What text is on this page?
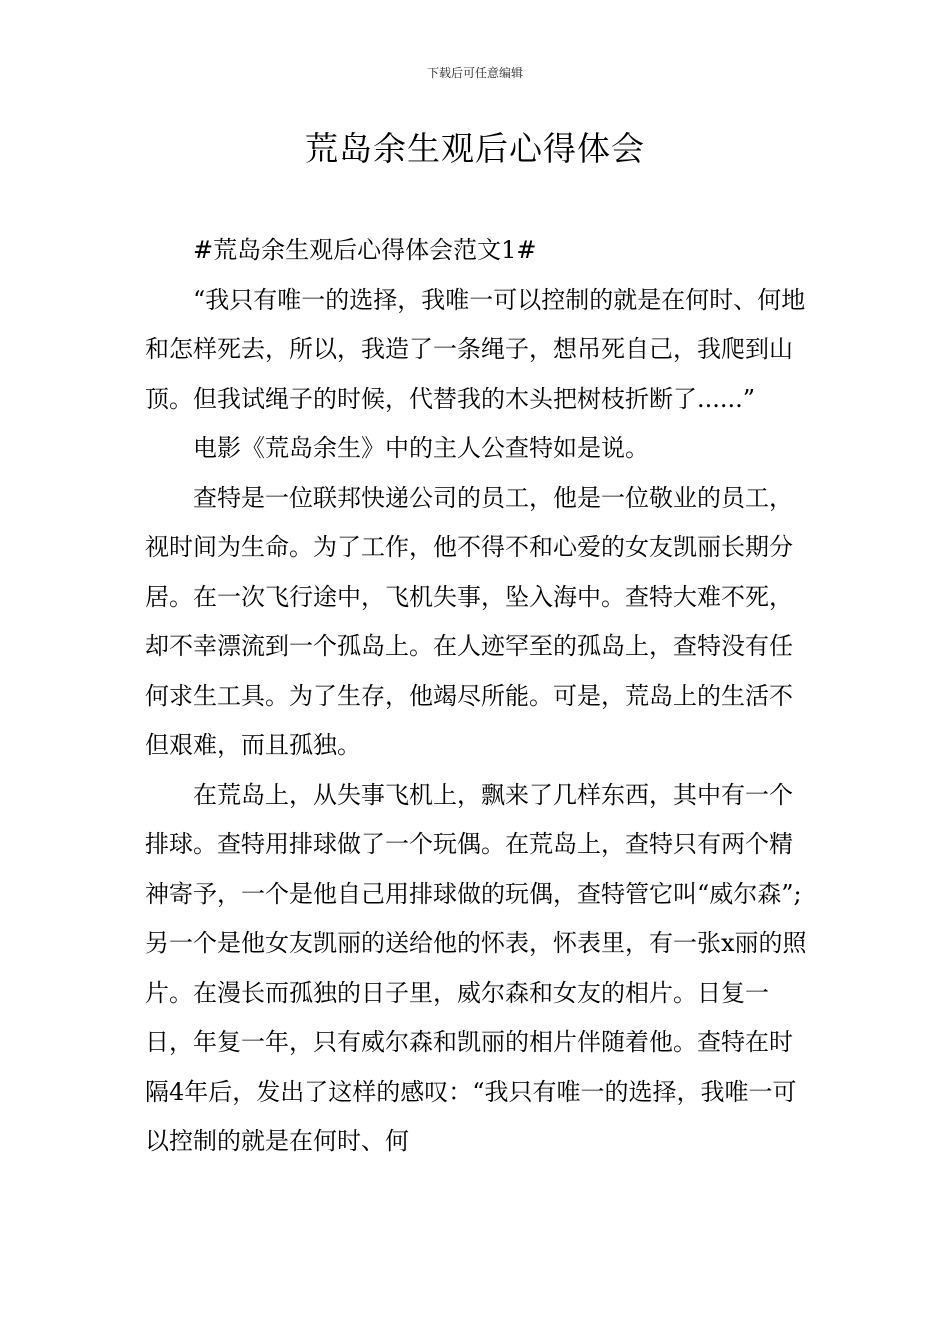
下载后可任意编辑
荒岛余生观后心得体会

#荒岛余生观后心得体会范文1#

“我只有唯一的选择，我唯一可以控制的就是在何时、何地和怎样死去，所以，我造了一条绳子，想吊死自己，我爬到山顶。但我试绳子的时候，代替我的木头把树枝折断了......”

电影《荒岛余生》中的主人公查特如是说。

查特是一位联邦快递公司的员工，他是一位敬业的员工，视时间为生命。为了工作，他不得不和心爱的女友凯丽长期分居。在一次飞行途中，飞机失事，坠入海中。查特大难不死，却不幸漂流到一个孤岛上。在人迹罕至的孤岛上，查特没有任何求生工具。为了生存，他竭尽所能。可是，荒岛上的生活不但艰难，而且孤独。

在荒岛上，从失事飞机上，飘来了几样东西，其中有一个排球。查特用排球做了一个玩偶。在荒岛上，查特只有两个精神寄予，一个是他自己用排球做的玩偶，查特管它叫“威尔森”;另一个是他女友凯丽的送给他的怀表，怀表里，有一张x丽的照片。在漫长而孤独的日子里，威尔森和女友的相片。日复一日，年复一年，只有威尔森和凯丽的相片伴随着他。查特在时隔4年后，发出了这样的感叹：“我只有唯一的选择，我唯一可以控制的就是在何时、何
